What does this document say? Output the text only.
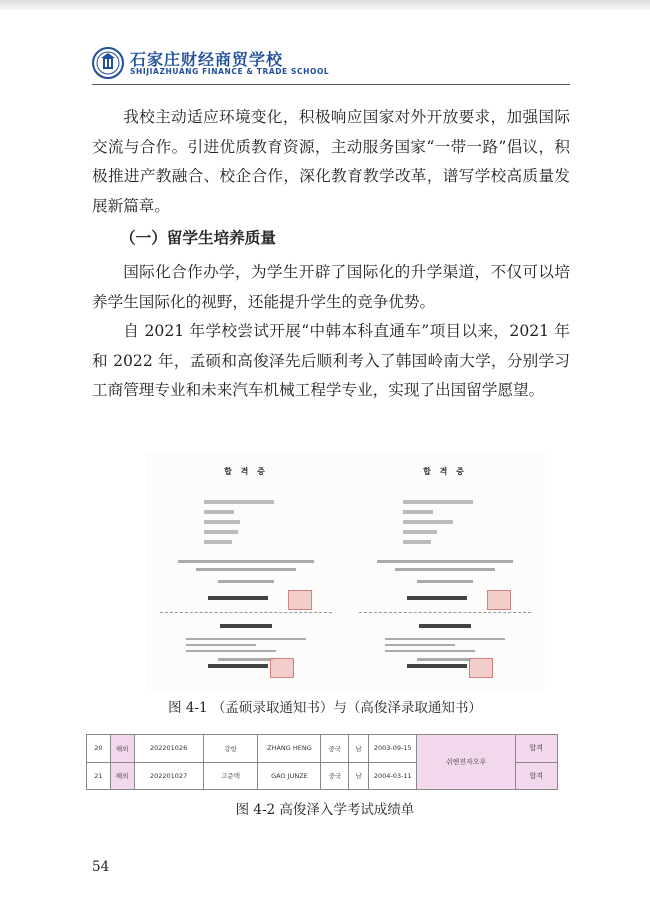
石家庄财经商贸学校
SHIJIAZHUANG FINANCE & TRADE SCHOOL
我校主动适应环境变化，积极响应国家对外开放要求，加强国际交流与合作。引进优质教育资源，主动服务国家“一带一路”倡议，积极推进产教融合、校企合作，深化教育教学改革，谱写学校高质量发展新篇章。
（一）留学生培养质量
国际化合作办学，为学生开辟了国际化的升学渠道，不仅可以培养学生国际化的视野，还能提升学生的竞争优势。
自 2021 年学校尝试开展“中韩本科直通车”项目以来，2021 年和 2022 年，孟硕和高俊泽先后顺利考入了韩国岭南大学，分别学习工商管理专业和未来汽车机械工程学专业，实现了出国留学愿望。
합 격 증	합 격 증
图 4-1 （孟硕录取通知书）与（高俊泽录取通知书）
20	해외	202201026	강항	ZHANG HENG	중국	남	2003-09-15	쉬엔진자오우	합격
21	해외	202201027	고준택	GAO JUNZE	중국	남	2004-03-11		합격
图 4-2 高俊泽入学考试成绩单
54
